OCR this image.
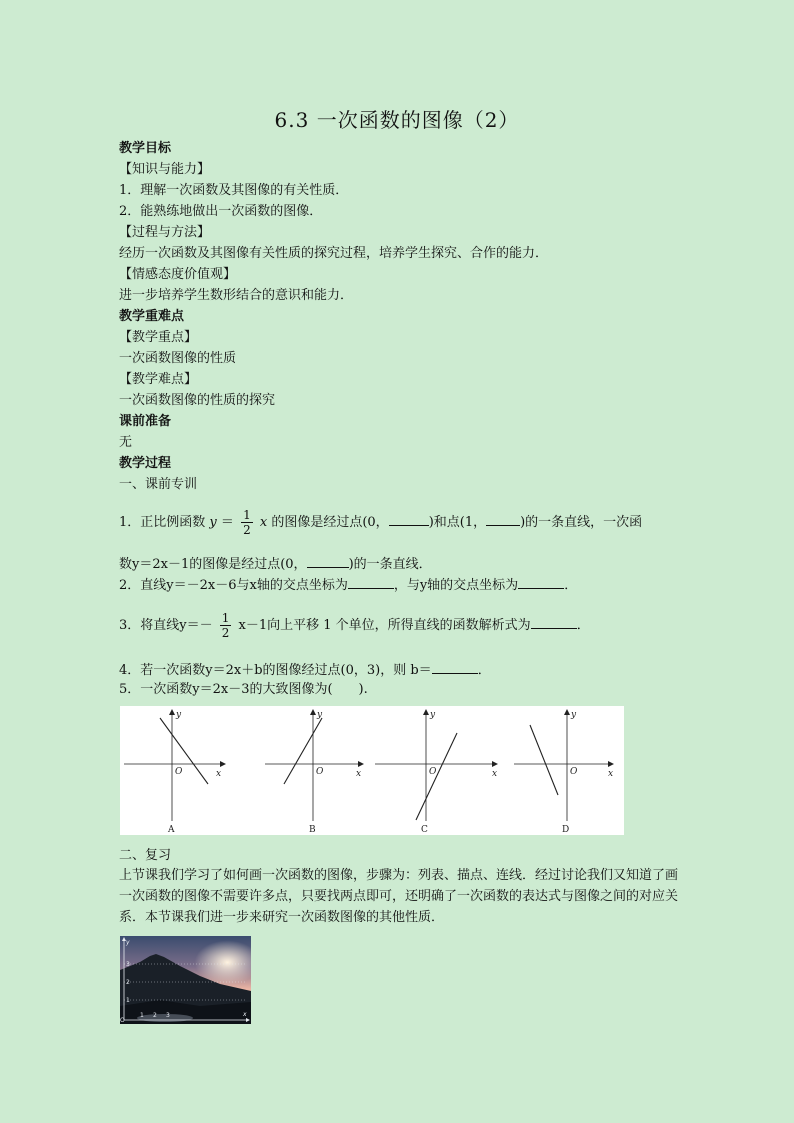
6.3 一次函数的图像（2）
教学目标
【知识与能力】
1．理解一次函数及其图像的有关性质．
2．能熟练地做出一次函数的图像．
【过程与方法】
经历一次函数及其图像有关性质的探究过程，培养学生探究、合作的能力．
【情感态度价值观】
进一步培养学生数形结合的意识和能力．
教学重难点
【教学重点】
一次函数图像的性质
【教学难点】
一次函数图像的性质的探究
课前准备
无
教学过程
一、课前专训
1．正比例函数 $y = \frac{1}{2}$ x 的图像是经过点(0，	)和点(1，	)的一条直线，一次函
数y＝2x－1的图像是经过点(0，	)的一条直线．
2．直线y＝－2x－6与x轴的交点坐标为	，与y轴的交点坐标为	．
3．将直线$y=- \frac{1}{2} x-1$向上平移 1 个单位，所得直线的函数解析式为	．
4．若一次函数y＝2x＋b的图像经过点(0，3)，则 b＝	．
5．一次函数y＝2x－3的大致图像为(　　).
y
x
O
A
y
x
O
B
y
x
O
C
y
x
O
D
二、复习
上节课我们学习了如何画一次函数的图像，步骤为：列表、描点、连线．经过讨论我们又知道了画一次函数的图像不需要许多点，只要找两点即可，还明确了一次函数的表达式与图像之间的对应关系．本节课我们进一步来研究一次函数图像的其他性质．
3
2
1
1 2 3
O
x
y
